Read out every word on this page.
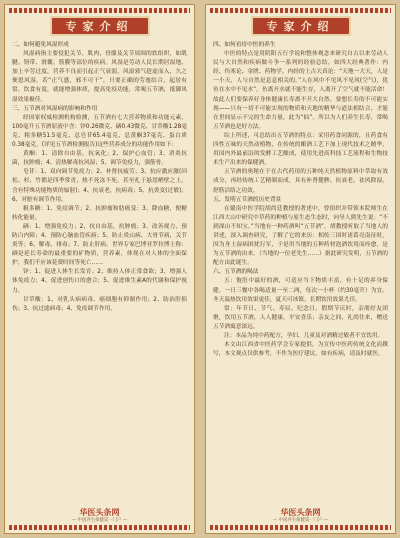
专家介绍

二、如何避免风湿形成

风湿病指主要侵犯关节、肌肉、骨骼及关节周围的软组织，如肌腱、韧带、滑囊、筋膜等部位的疾病。风湿是劳动人民长期居湿地、加上辛劳过度，营养不良而引起正气衰弱，风湿邪气趁虚而入，久之便患风湿。若“正气盛，邪不可干”，只要正确的劳逸结合，起居有常，饮食有度，就能增强体质，提高免疫功能，常喝五节酒，抵御风湿效果极佳。

三、五节酒对风湿病的影响和作用

经国家权威检测机构检测，五节酒有七大营养物质和功能元素，100毫升五节酒原液中含：锌0.26微克、硒0.43微克、甘草酸1.28毫克、粗多糖51.5毫克、总皂苷65.4毫克、总黄酮37毫克、蛋白质0.38毫克。(详见五节酒检测报告)这些营养成分的功能作用如下：

黄酮：1、清除自由基，抗氧化；2、保护心血管；3、消炎抗菌，抗肿瘤；4、清热解毒抗风湿；5、调节免疫力，强筋骨。

皂苷：1、双向调节免疫力；2、补肾抗疲劳；3、抗应激应激(因松、杉、竹都是四季常青，热不死冻不死，甚至扎于悬崖峭壁之上，含有特殊功能物质的辐射)；4、抗衰老，抗病毒；5、抗炎变(过敏)；6、对脏有调节作用。

粗多糖：1、免疫调节；2、抗肿瘤和肋癌变；3、降血糖，便糖转化能量。

硒：1、增强免疫力；2、抗自由基，抗肿瘤；3、改善视力，预防白内障；4、预防心脑血管疾病；5、防止炎山病、大骨节病，关节炎等；6、解毒、排毒；7、防止肝病。世界专家巴博亚罗拉博士称：硒是延长寿命的最重要的矿物质，营养素，体现在对人体的全面保护，我们不应该花费时间等死亡……

锌：1、促进人体生长发育；2、维持人体正常食欲；3、增强人体免疫力；4、促进创伤口的愈合；5、促进维生素A的代谢和保护视力。

甘草酸：1、对乳头病病毒、癌细胞有抑制作用；2、防治肝损伤；3、抗过滤病毒；4、免疫调节作用。

华医头条网
— 中国养生保健第一门户 —
专家介绍

四、如何看待中医的养生

中医的特点是用阴阳五行学说和整体观念来研究自古以来劳动人民与大自然和疾病做斗争一系列的经验总结。如四大经典著作：内经、伤寒论、金匮、药物学。内经的上古天真论：“天地一大天，人是一小天，人与自然是息息相关的。”人在风中不见风不见风(空气)，犹鱼在水中不见水”，鱼离开水就不能生存，人离开了空气就不能活命！故此人们要保养好身体健康长寿离不开大自然。要想长寿的不可能实现——只有一切不可能实现的物质和天地的精华与道法相结合，才能在世间显示不完的生命力量。此为“仙”。所以为人们养生长寿，常喝五节酒也是好方法。

综上所述，可总结出五节酒的特点：采用药食同源的，且药食有四性五味的天然动植物，在传统的酿酒工艺下加上现代技术之精华，用国内外最前沿的发酵工艺酿成，使用先进高科技工艺流程和生物技术生产出来的保健酒。

五节酒的奥秘在于在古代药用的五种纯天然植物原料中萃取有效成分，再经传统工艺精制而成，具有补肾健脾、抗衰老、祛风除湿、舒筋活络之功效。

五、发明五节酒的历史背景

在赣南中医学院胡尚廷教授的著述中，曾组织并带领本院师生在江西大山中研究中草药的种植与原生态生态时，向导人熊先生说：“不到深山不知宝。”当地有一种药酒叫“五节酒”。胡教授听取了当地人的讲述，深入调查研究，了解了它的来历：相传三国时诸葛亮南征时，因为身上湿病困扰行军，于是用当地的五种药材泡酒饮用而痊愈，是为五节酒的由来。（当地的一位老先生……）据此研究发明，五节酒的配方由此诞生。

六、五节酒的喝法

五：饱肚中最好的酒，可适应当下物质丰富，有十足的养身保健。一日三餐中各喝适量一至二两，每次一小杯（约30毫升）为宜。冬天温热饮用效果更佳，夏天可冰镇。长期饮用效果尤佳。

常：年节日、节气、寿辰、纪念日、假期节庆时，亲朋好友团聚，饮用五节酒，人人健康，平安喜乐；亲友之间，礼尚往来，赠送五节酒寓意深远。

注：本品为纯中药配方，孕妇、儿童及对酒精过敏者不宜饮用。

本文由江西省中医药学会专家提供，为宣传中医药传统文化而撰写，本文观点仅供参考，不作为医疗建议。如有疾病，请及时就医。

华医头条网
— 中国养生保健第一门户 —
